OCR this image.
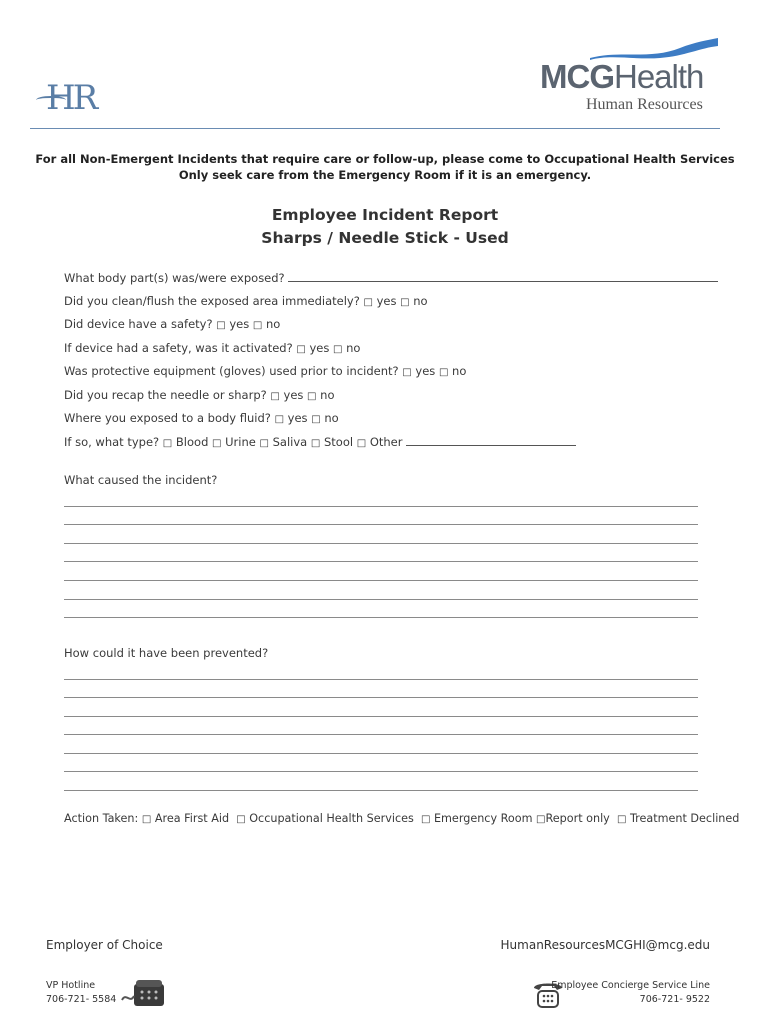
HR
MCGHealth
Human Resources
For all Non-Emergent Incidents that require care or follow-up, please come to Occupational Health Services
Only seek care from the Emergency Room if it is an emergency.
Employee Incident Report
Sharps / Needle Stick - Used
What body part(s) was/were exposed?
Did you clean/flush the exposed area immediately? □ yes □ no
Did device have a safety? □ yes □ no
If device had a safety, was it activated? □ yes □ no
Was protective equipment (gloves) used prior to incident? □ yes □ no
Did you recap the needle or sharp? □ yes □ no
Where you exposed to a body fluid? □ yes □ no
If so, what type? □ Blood □ Urine □ Saliva □ Stool □ Other
What caused the incident?
How could it have been prevented?
Action Taken: □ Area First Aid □ Occupational Health Services □ Emergency Room □Report only □ Treatment Declined
Employer of Choice	HumanResourcesMCGHI@mcg.edu
VP Hotline
706-721- 5584
Employee Concierge Service Line
706-721- 9522
